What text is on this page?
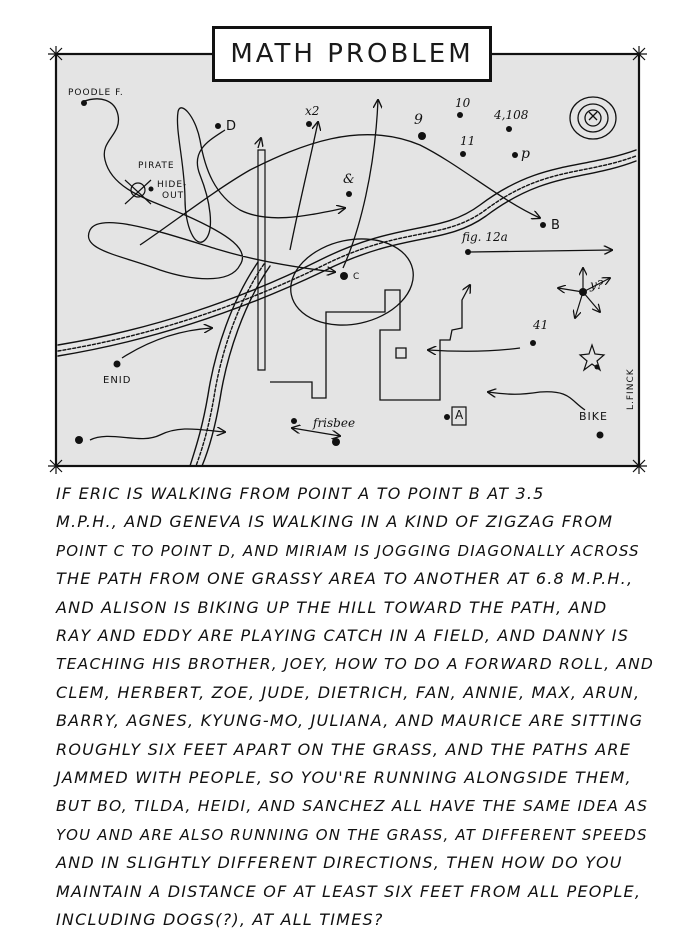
MATH PROBLEM
POODLE F.
D
x2
9
10
11
4,108
p
PIRATE
HIDE-
OUT
&
B
fig. 12a
C
y?
41
ENID
frisbee
A	BIKE
L.FINCK
IF ERIC IS WALKING FROM POINT A TO POINT B AT 3.5
M.P.H., AND GENEVA IS WALKING IN A KIND OF ZIGZAG FROM
POINT C TO POINT D, AND MIRIAM IS JOGGING DIAGONALLY ACROSS
THE PATH FROM ONE GRASSY AREA TO ANOTHER AT 6.8 M.P.H.,
AND ALISON IS BIKING UP THE HILL TOWARD THE PATH, AND
RAY AND EDDY ARE PLAYING CATCH IN A FIELD, AND DANNY IS
TEACHING HIS BROTHER, JOEY, HOW TO DO A FORWARD ROLL, AND
CLEM, HERBERT, ZOE, JUDE, DIETRICH, FAN, ANNIE, MAX, ARUN,
BARRY, AGNES, KYUNG-MO, JULIANA, AND MAURICE ARE SITTING
ROUGHLY SIX FEET APART ON THE GRASS, AND THE PATHS ARE
JAMMED WITH PEOPLE, SO YOU'RE RUNNING ALONGSIDE THEM,
BUT BO, TILDA, HEIDI, AND SANCHEZ ALL HAVE THE SAME IDEA AS
YOU AND ARE ALSO RUNNING ON THE GRASS, AT DIFFERENT SPEEDS
AND IN SLIGHTLY DIFFERENT DIRECTIONS, THEN HOW DO YOU
MAINTAIN A DISTANCE OF AT LEAST SIX FEET FROM ALL PEOPLE,
INCLUDING DOGS(?), AT ALL TIMES?
